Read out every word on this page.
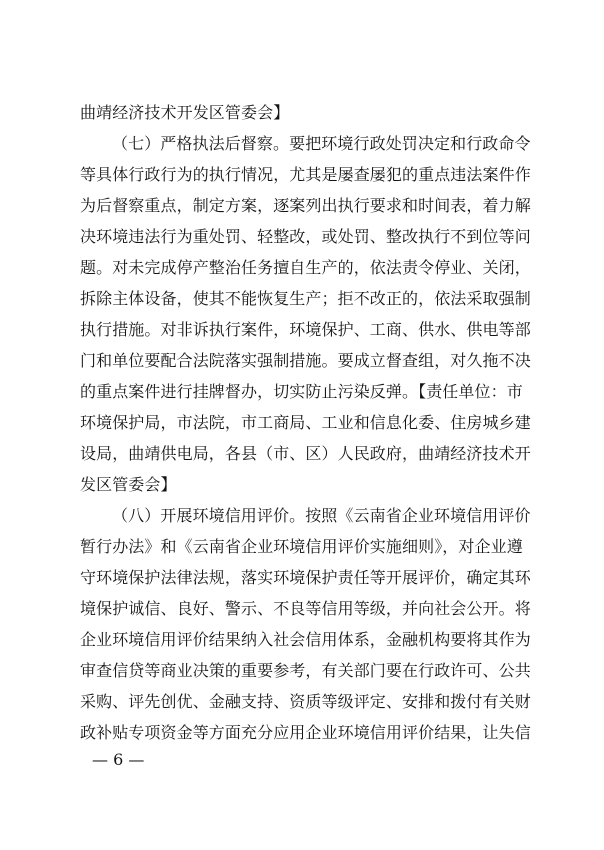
曲靖经济技术开发区管委会】
（七）严格执法后督察。要把环境行政处罚决定和行政命令
等具体行政行为的执行情况，尤其是屡查屡犯的重点违法案件作
为后督察重点，制定方案，逐案列出执行要求和时间表，着力解
决环境违法行为重处罚、轻整改，或处罚、整改执行不到位等问
题。对未完成停产整治任务擅自生产的，依法责令停业、关闭，
拆除主体设备，使其不能恢复生产；拒不改正的，依法采取强制
执行措施。对非诉执行案件，环境保护、工商、供水、供电等部
门和单位要配合法院落实强制措施。要成立督查组，对久拖不决
的重点案件进行挂牌督办，切实防止污染反弹。【责任单位：市
环境保护局，市法院，市工商局、工业和信息化委、住房城乡建
设局，曲靖供电局，各县（市、区）人民政府，曲靖经济技术开
发区管委会】
（八）开展环境信用评价。按照《云南省企业环境信用评价
暂行办法》和《云南省企业环境信用评价实施细则》，对企业遵
守环境保护法律法规，落实环境保护责任等开展评价，确定其环
境保护诚信、良好、警示、不良等信用等级，并向社会公开。将
企业环境信用评价结果纳入社会信用体系，金融机构要将其作为
审查信贷等商业决策的重要参考，有关部门要在行政许可、公共
采购、评先创优、金融支持、资质等级评定、安排和拨付有关财
政补贴专项资金等方面充分应用企业环境信用评价结果，让失信
— 6 —
